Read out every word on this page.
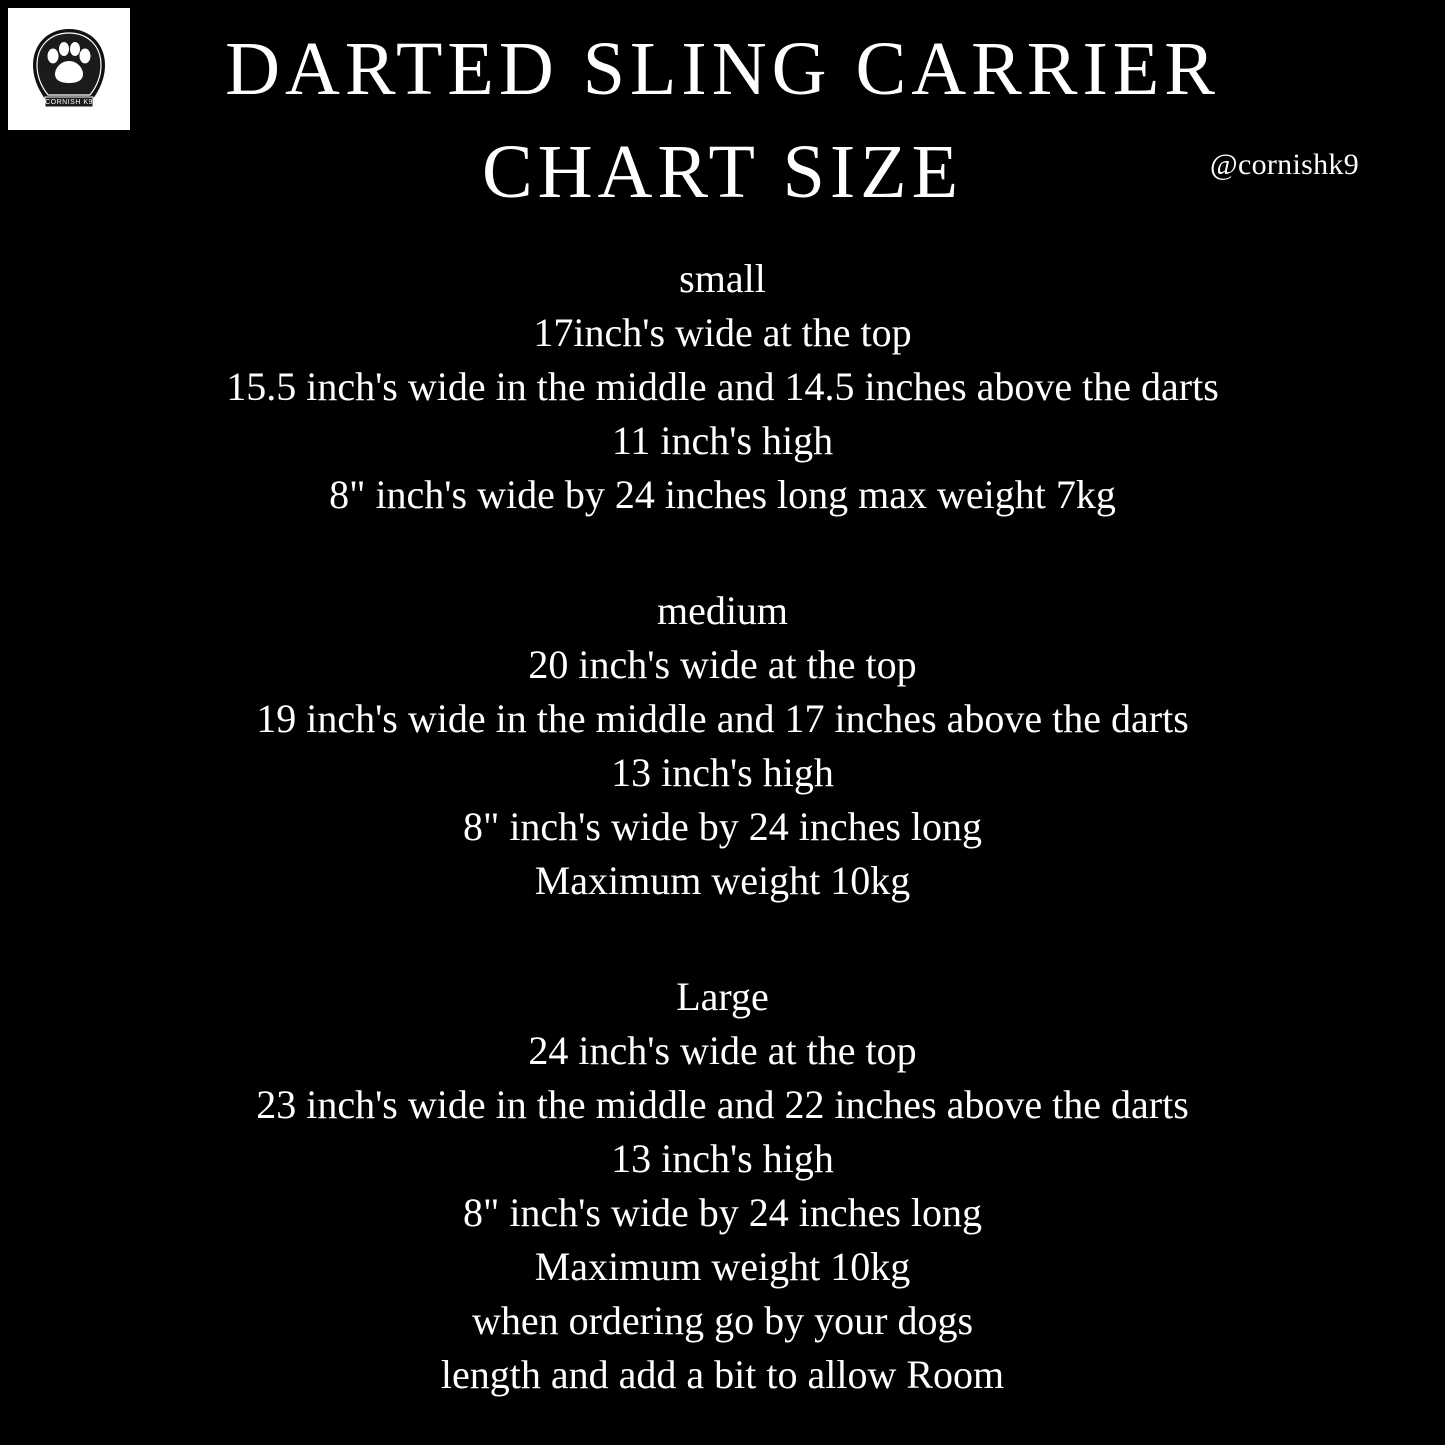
CORNISH K9	DARTED SLING CARRIER
CHART SIZE	@cornishk9
small
17inch's wide at the top
15.5 inch's wide in the middle and 14.5 inches above the darts
11 inch's high
8" inch's wide by 24 inches long max weight 7kg
medium
20 inch's wide at the top
19 inch's wide in the middle and 17 inches above the darts
13 inch's high
8" inch's wide by 24 inches long
Maximum weight 10kg
Large
24 inch's wide at the top
23 inch's wide in the middle and 22 inches above the darts
13 inch's high
8" inch's wide by 24 inches long
Maximum weight 10kg
when ordering go by your dogs
length and add a bit to allow Room
